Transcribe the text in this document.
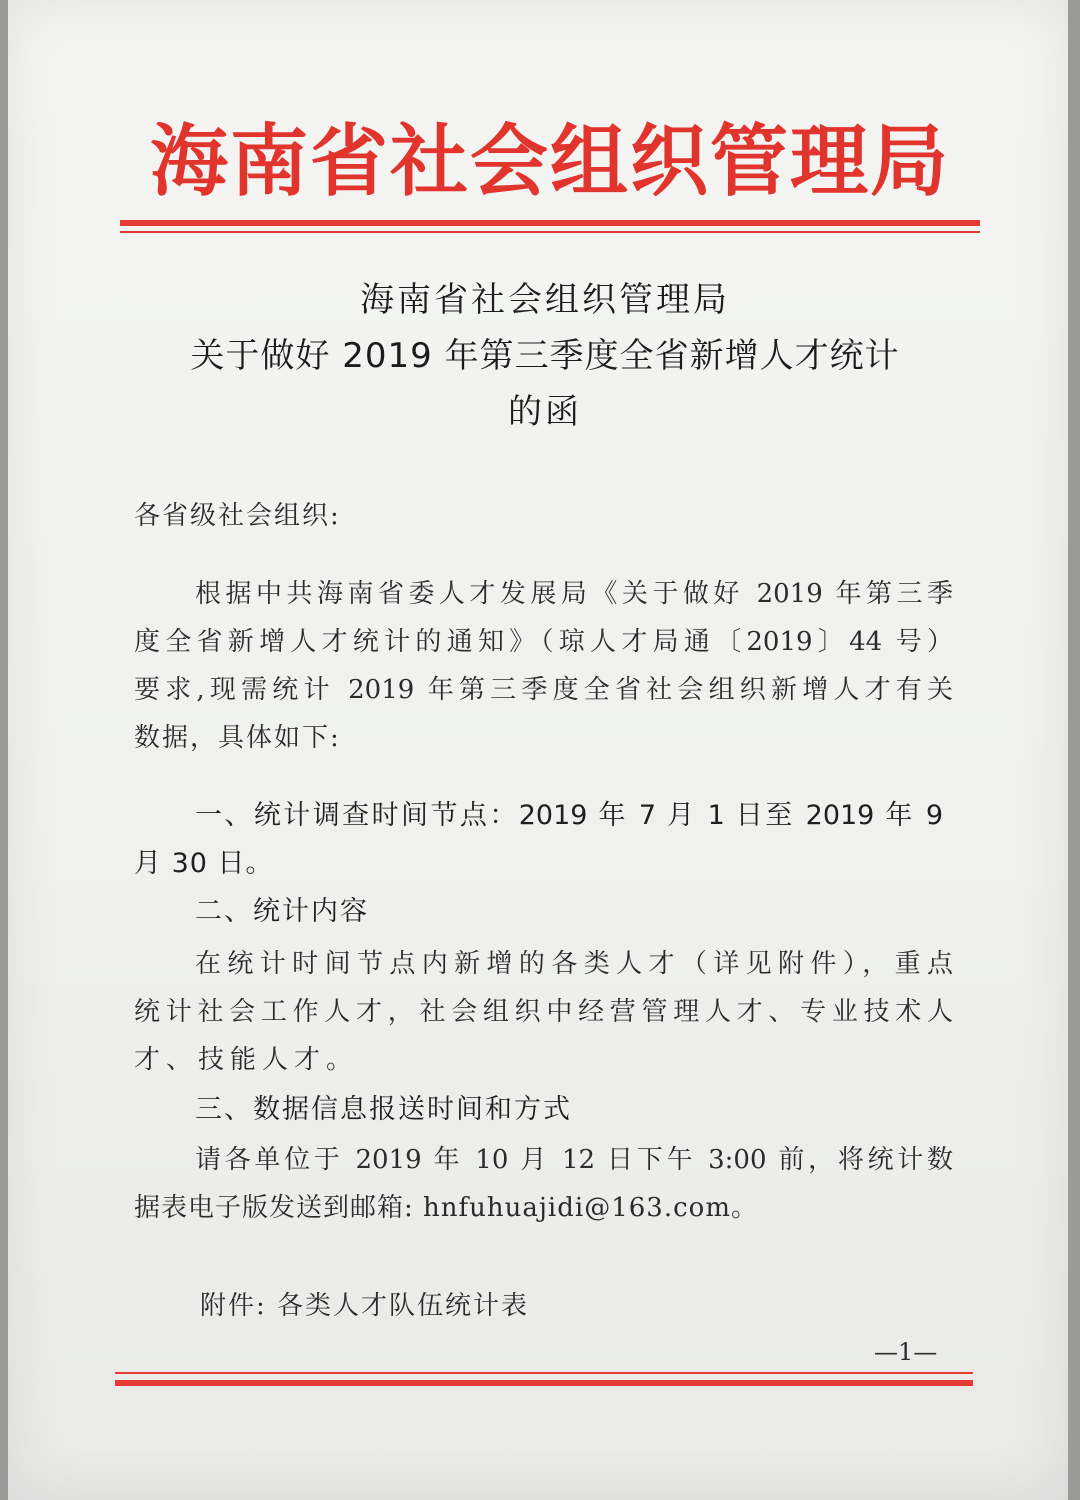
海南省社会组织管理局
海南省社会组织管理局
关于做好 2019 年第三季度全省新增人才统计
的函
各省级社会组织:
根据中共海南省委人才发展局《关于做好 2019 年第三季
度全省新增人才统计的通知》（琼人才局通〔2019〕44 号）
要求,现需统计 2019 年第三季度全省社会组织新增人才有关
数据，具体如下:
一、统计调查时间节点：2019 年 7 月 1 日至 2019 年 9
月 30 日。
二、统计内容
在统计时间节点内新增的各类人才（详见附件），重点
统计社会工作人才，社会组织中经营管理人才、专业技术人
才、技能人才。
三、数据信息报送时间和方式
请各单位于 2019 年 10 月 12 日下午 3:00 前，将统计数
据表电子版发送到邮箱: hnfuhuajidi@163.com。
附件: 各类人才队伍统计表
—1—
